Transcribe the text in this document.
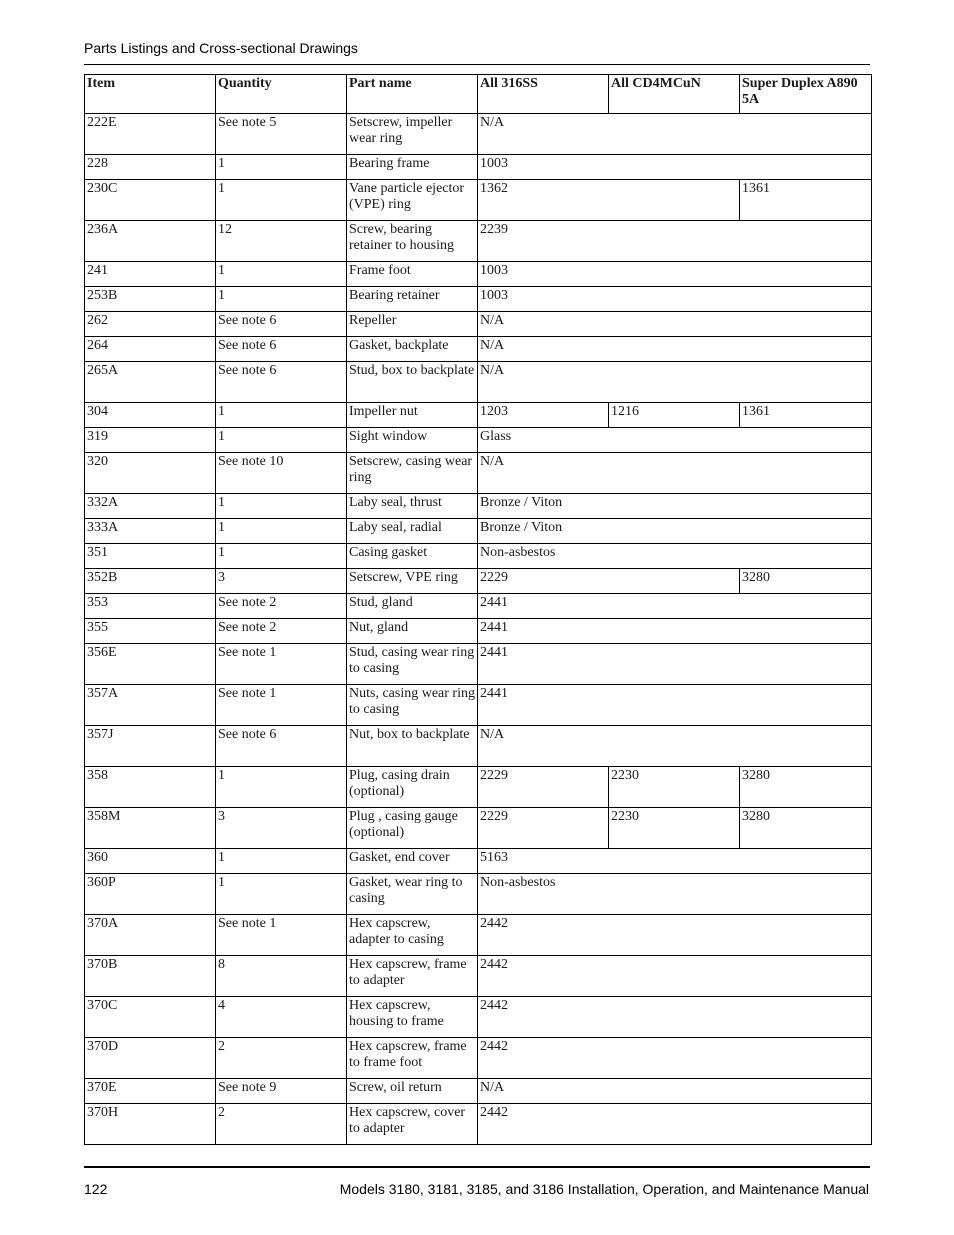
Parts Listings and Cross-sectional Drawings
Item	Quantity	Part name	All 316SS	All CD4MCuN	Super Duplex A890 5A
222E	See note 5	Setscrew, impeller wear ring	N/A		
228	1	Bearing frame	1003		
230C	1	Vane particle ejector (VPE) ring	1362		1361
236A	12	Screw, bearing retainer to housing	2239		
241	1	Frame foot	1003		
253B	1	Bearing retainer	1003		
262	See note 6	Repeller	N/A		
264	See note 6	Gasket, backplate	N/A		
265A	See note 6	Stud, box to backplate	N/A		
304	1	Impeller nut	1203	1216	1361
319	1	Sight window	Glass		
320	See note 10	Setscrew, casing wear ring	N/A		
332A	1	Laby seal, thrust	Bronze / Viton		
333A	1	Laby seal, radial	Bronze / Viton		
351	1	Casing gasket	Non-asbestos		
352B	3	Setscrew, VPE ring	2229		3280
353	See note 2	Stud, gland	2441		
355	See note 2	Nut, gland	2441		
356E	See note 1	Stud, casing wear ring to casing	2441		
357A	See note 1	Nuts, casing wear ring to casing	2441		
357J	See note 6	Nut, box to backplate	N/A		
358	1	Plug, casing drain (optional)	2229	2230	3280
358M	3	Plug , casing gauge (optional)	2229	2230	3280
360	1	Gasket, end cover	5163		
360P	1	Gasket, wear ring to casing	Non-asbestos		
370A	See note 1	Hex capscrew, adapter to casing	2442		
370B	8	Hex capscrew, frame to adapter	2442		
370C	4	Hex capscrew, housing to frame	2442		
370D	2	Hex capscrew, frame to frame foot	2442		
370E	See note 9	Screw, oil return	N/A		
370H	2	Hex capscrew, cover to adapter	2442		
122	Models 3180, 3181, 3185, and 3186 Installation, Operation, and Maintenance Manual
